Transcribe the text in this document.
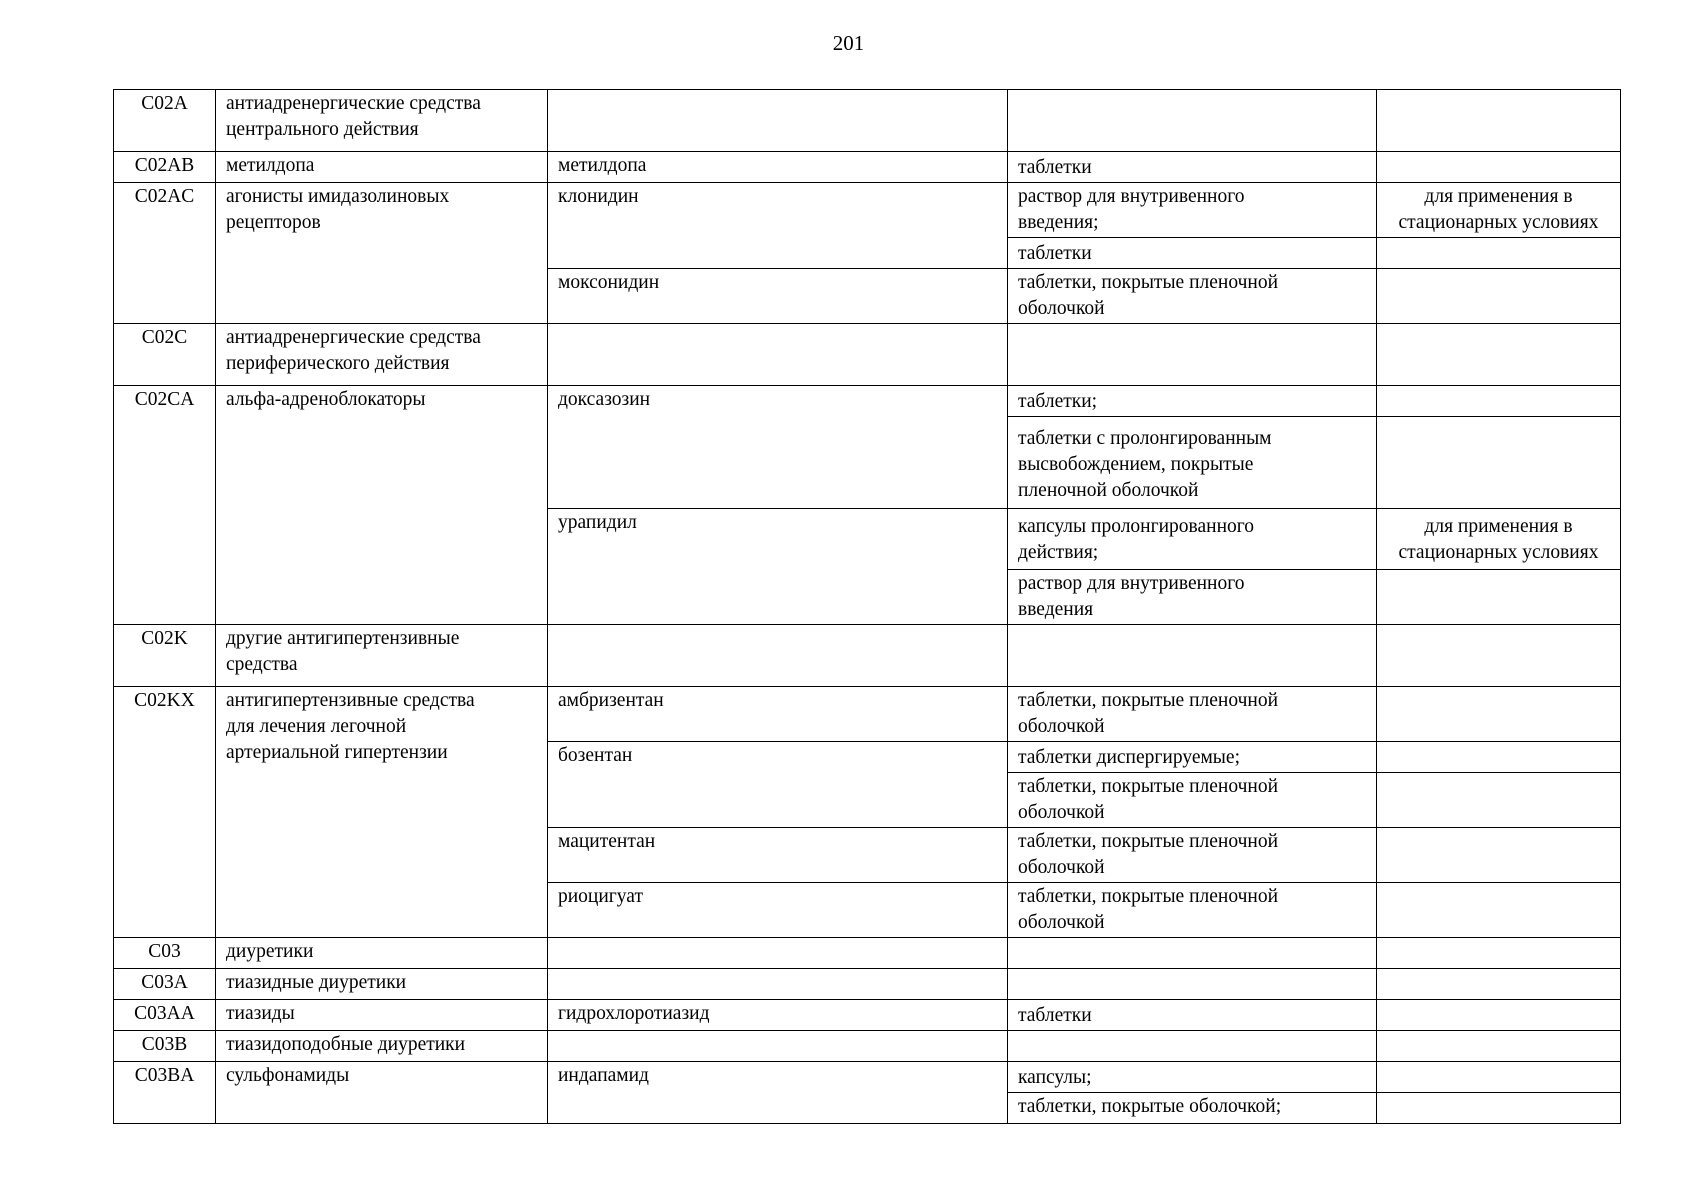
201
C02A	антиадренергические средства
центрального действия			
C02AB	метилдопа	метилдопа	таблетки	
C02AC	агонисты имидазолиновых
рецепторов	клонидин	раствор для внутривенного
введения;	для применения в
стационарных условиях
			таблетки	
		моксонидин	таблетки, покрытые пленочной
оболочкой	
C02C	антиадренергические средства
периферического действия			
C02CA	альфа-адреноблокаторы	доксазозин	таблетки;	
			таблетки с пролонгированным
высвобождением, покрытые
пленочной оболочкой	
		урапидил	капсулы пролонгированного
действия;	для применения в
стационарных условиях
			раствор для внутривенного
введения	
C02K	другие антигипертензивные
средства			
C02KX	антигипертензивные средства
для лечения легочной
артериальной гипертензии	амбризентан	таблетки, покрытые пленочной
оболочкой	
		бозентан	таблетки диспергируемые;	
			таблетки, покрытые пленочной
оболочкой	
		мацитентан	таблетки, покрытые пленочной
оболочкой	
		риоцигуат	таблетки, покрытые пленочной
оболочкой	
C03	диуретики			
C03A	тиазидные диуретики			
C03AA	тиазиды	гидрохлоротиазид	таблетки	
C03B	тиазидоподобные диуретики			
C03BA	сульфонамиды	индапамид	капсулы;	
			таблетки, покрытые оболочкой;	
